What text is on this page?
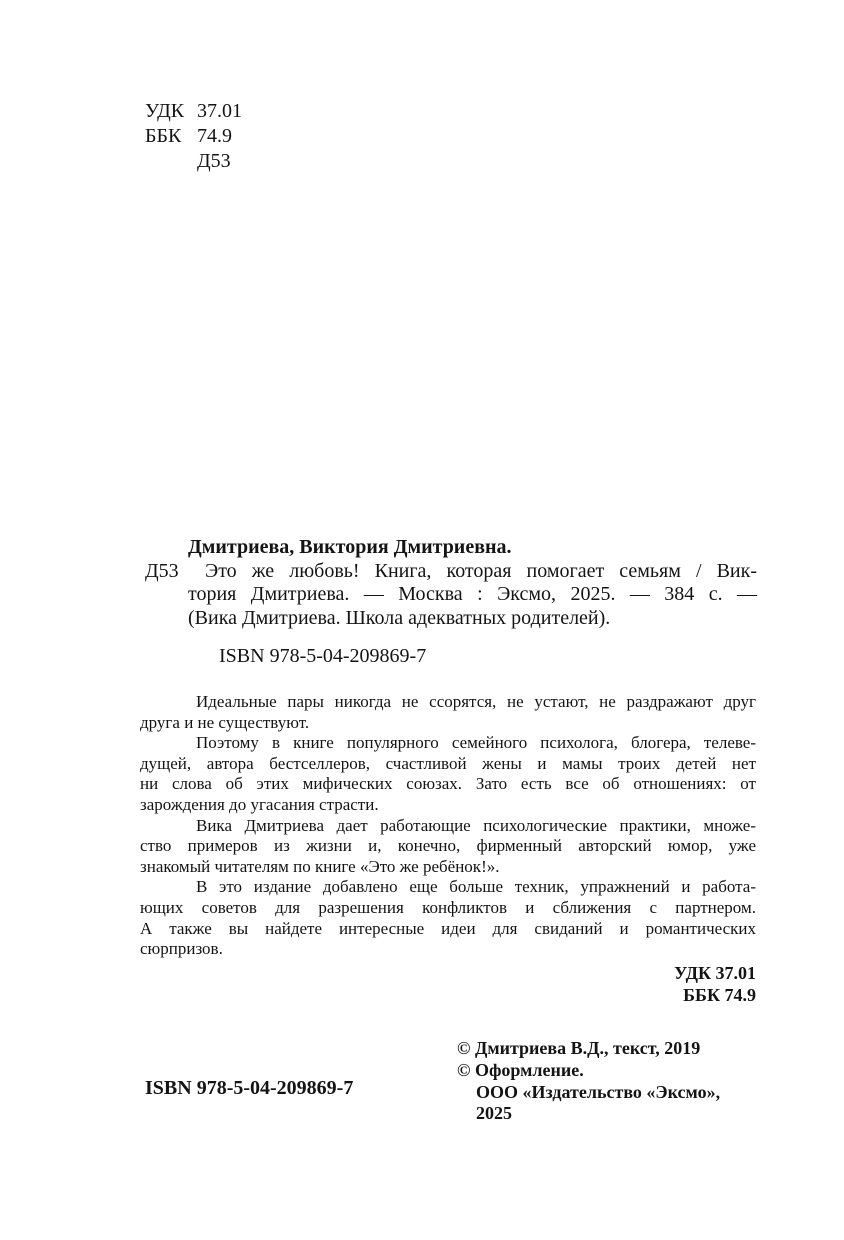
УДК 37.01
ББК 74.9
Д53
Дмитриева, Виктория Дмитриевна.
Д53	Это же любовь! Книга, которая помогает семьям / Вик-
тория Дмитриева. — Москва : Эксмо, 2025. — 384 с. —
(Вика Дмитриева. Школа адекватных родителей).
ISBN 978-5-04-209869-7
Идеальные пары никогда не ссорятся, не устают, не раздражают друг
друга и не существуют.
Поэтому в книге популярного семейного психолога, блогера, телеве-
дущей, автора бестселлеров, счастливой жены и мамы троих детей нет
ни слова об этих мифических союзах. Зато есть все об отношениях: от
зарождения до угасания страсти.
Вика Дмитриева дает работающие психологические практики, множе-
ство примеров из жизни и, конечно, фирменный авторский юмор, уже
знакомый читателям по книге «Это же ребёнок!».
В это издание добавлено еще больше техник, упражнений и работа-
ющих советов для разрешения конфликтов и сближения с партнером.
А также вы найдете интересные идеи для свиданий и романтических
сюрпризов.
УДК 37.01
ББК 74.9
ISBN 978-5-04-209869-7
© Дмитриева В.Д., текст, 2019
© Оформление.
ООО «Издательство «Эксмо», 2025
